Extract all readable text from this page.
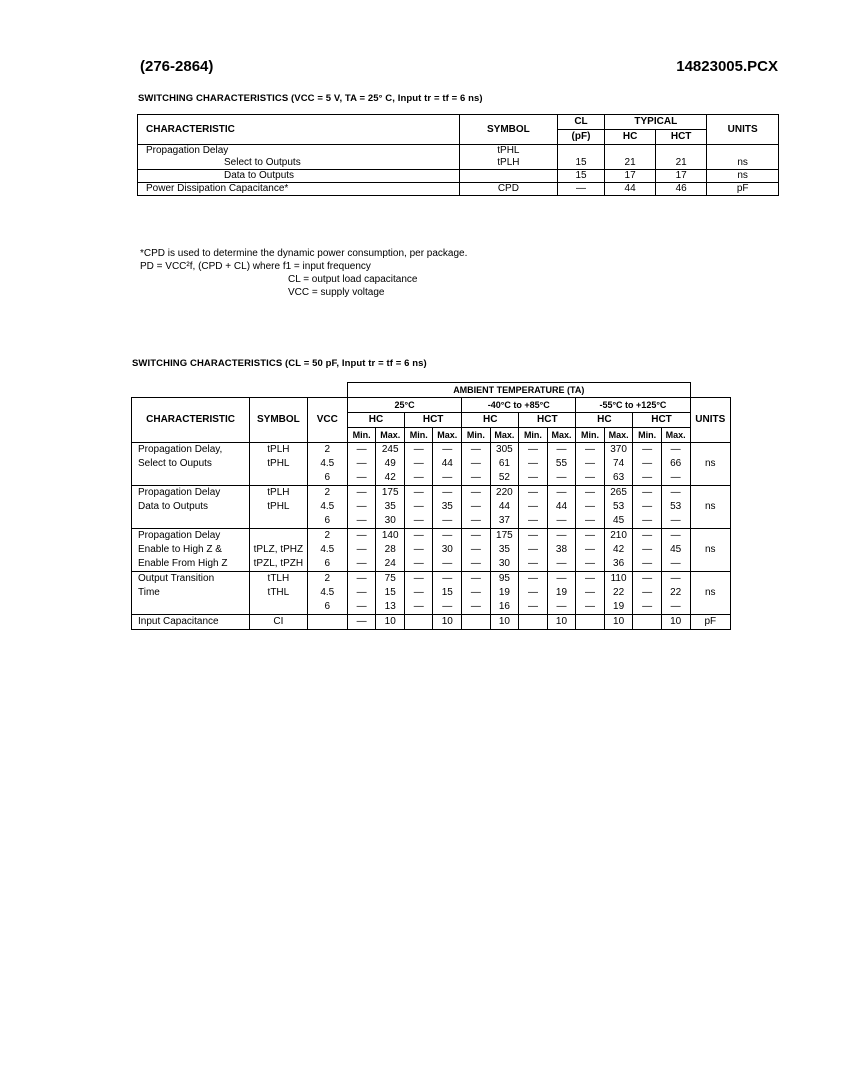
(276-2864)	14823005.PCX
SWITCHING CHARACTERISTICS (VCC = 5 V, TA = 25° C, Input tr = tf = 6 ns)
CHARACTERISTIC	SYMBOL	CL	TYPICAL		UNITS
		(pF)	HC	HCT	
Propagation Delay	tPHL				
Select to Outputs	tPLH	15	21	21	ns
Data to Outputs		15	17	17	ns
Power Dissipation Capacitance*	CPD	—	44	46	pF
*CPD is used to determine the dynamic power consumption, per package.
PD = VCC²f, (CPD + CL) where f1 = input frequency
CL = output load capacitance
VCC = supply voltage
SWITCHING CHARACTERISTICS (CL = 50 pF, Input tr = tf = 6 ns)
			AMBIENT TEMPERATURE (TA)												
CHARACTERISTIC	SYMBOL	VCC	25°C				-40°C to +85°C				-55°C to +125°C				UNITS
			HC		HCT		HC		HCT		HC		HCT		
			Min.	Max.	Min.	Max.	Min.	Max.	Min.	Max.	Min.	Max.	Min.	Max.	
Propagation Delay,	tPLH	2	—	245	—	—	—	305	—	—	—	370	—	—	ns
Select to Ouputs	tPHL	4.5	—	49	—	44	—	61	—	55	—	74	—	66	
		6	—	42	—	—	—	52	—	—	—	63	—	—	
Propagation Delay	tPLH	2	—	175	—	—	—	220	—	—	—	265	—	—	ns
Data to Outputs	tPHL	4.5	—	35	—	35	—	44	—	44	—	53	—	53	
		6	—	30	—	—	—	37	—	—	—	45	—	—	
Propagation Delay		2	—	140	—	—	—	175	—	—	—	210	—	—	ns
Enable to High Z &	tPLZ, tPHZ	4.5	—	28	—	30	—	35	—	38	—	42	—	45	
Enable From High Z	tPZL, tPZH	6	—	24	—	—	—	30	—	—	—	36	—	—	
Output Transition	tTLH	2	—	75	—	—	—	95	—	—	—	110	—	—	ns
Time	tTHL	4.5	—	15	—	15	—	19	—	19	—	22	—	22	
		6	—	13	—	—	—	16	—	—	—	19	—	—	
Input Capacitance	CI		—	10		10		10		10		10		10	pF
